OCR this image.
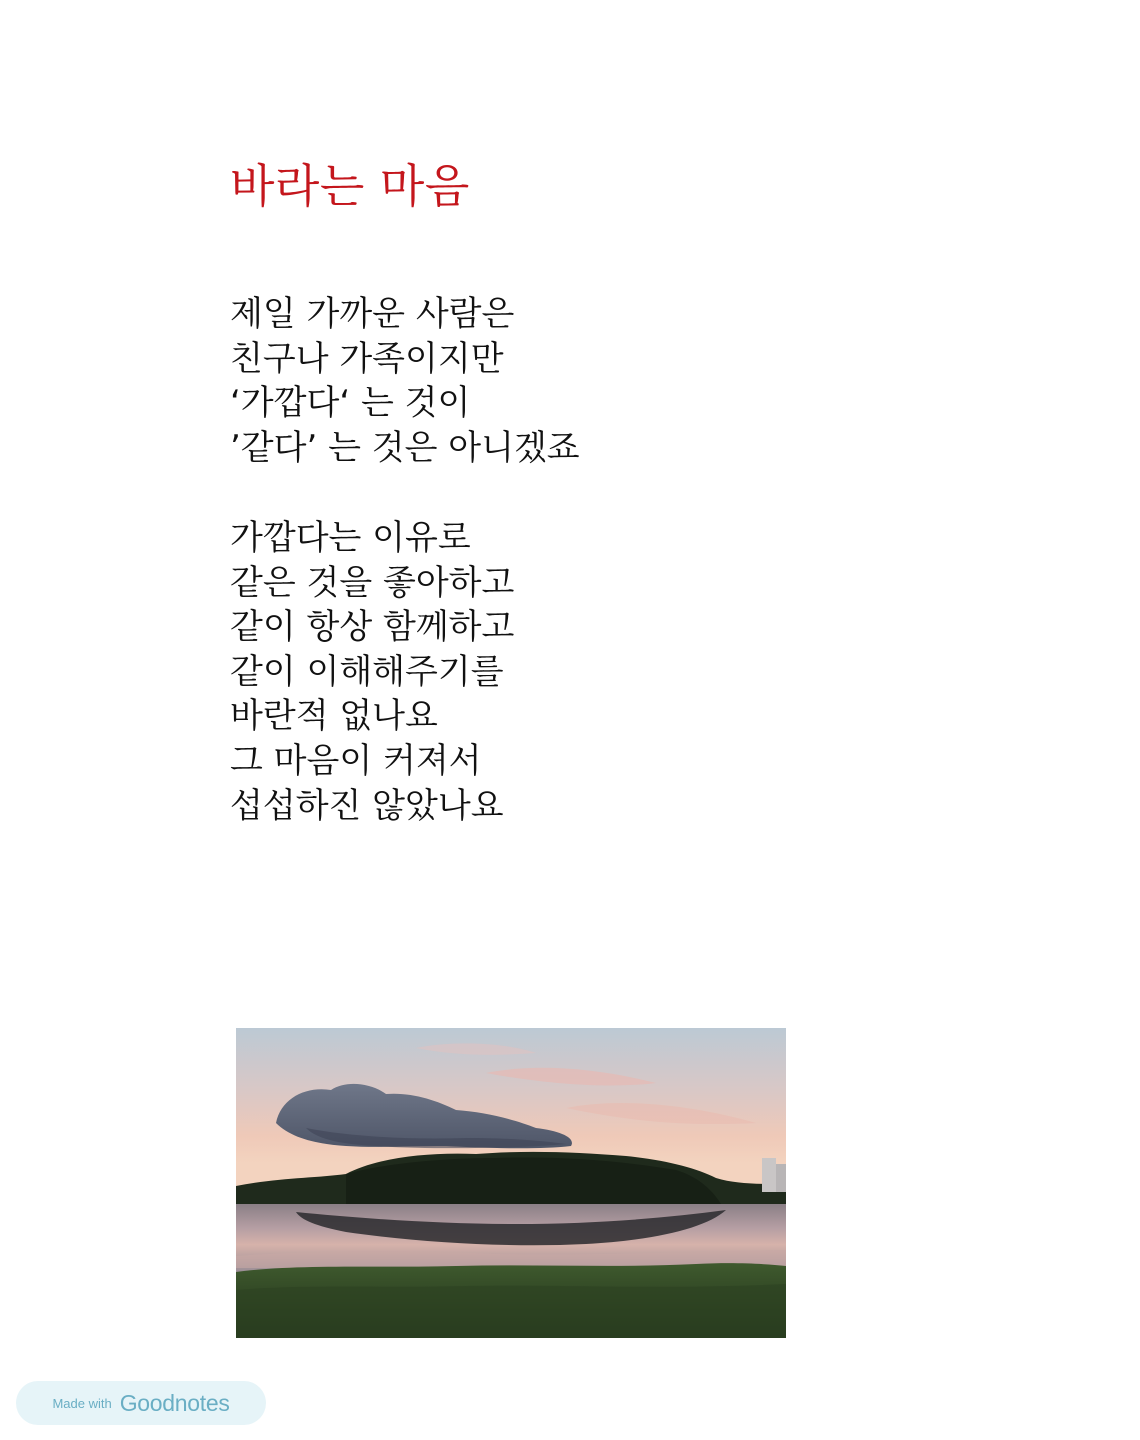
바라는 마음
제일 가까운 사람은
친구나 가족이지만
‘가깝다‘ 는 것이
’같다’ 는 것은 아니겠죠
가깝다는 이유로
같은 것을 좋아하고
같이 항상 함께하고
같이 이해해주기를
바란적 없나요
그 마음이 커져서
섭섭하진 않았나요
Made with Goodnotes
